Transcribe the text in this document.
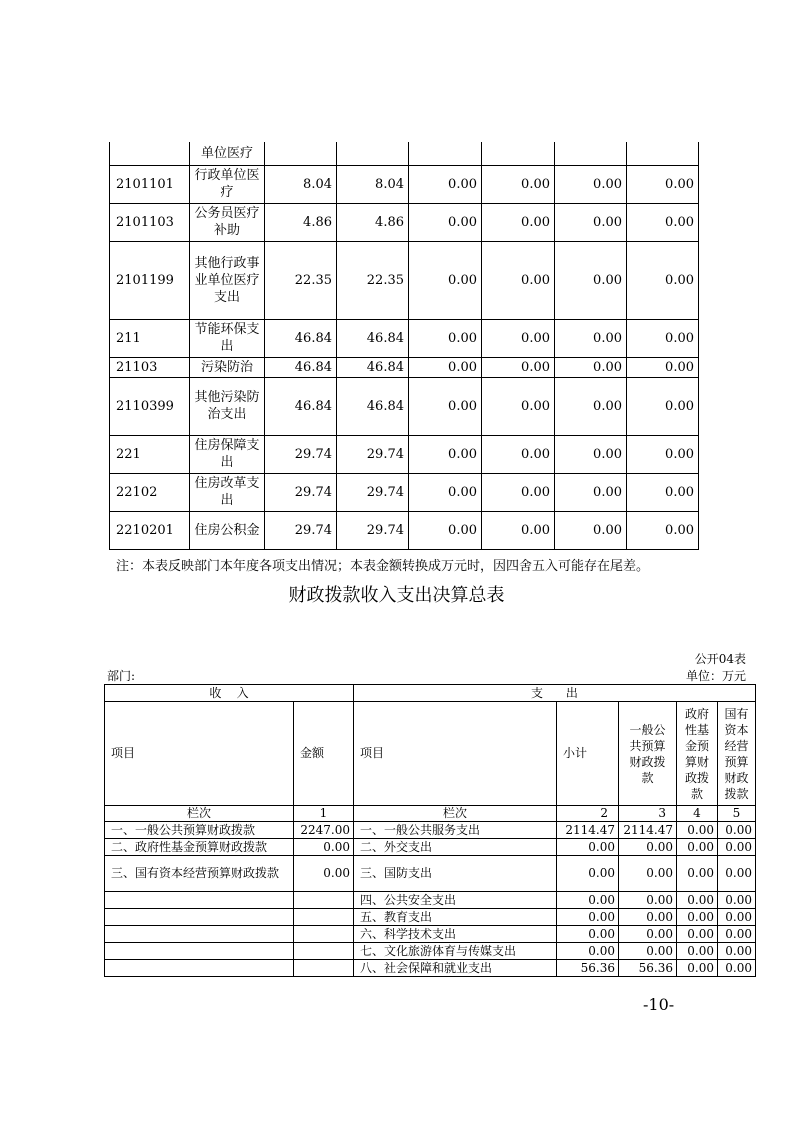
	单位医疗						
2101101	行政单位医疗	8.04	8.04	0.00	0.00	0.00	0.00
2101103	公务员医疗补助	4.86	4.86	0.00	0.00	0.00	0.00
2101199	其他行政事业单位医疗支出	22.35	22.35	0.00	0.00	0.00	0.00
211	节能环保支出	46.84	46.84	0.00	0.00	0.00	0.00
21103	污染防治	46.84	46.84	0.00	0.00	0.00	0.00
2110399	其他污染防治支出	46.84	46.84	0.00	0.00	0.00	0.00
221	住房保障支出	29.74	29.74	0.00	0.00	0.00	0.00
22102	住房改革支出	29.74	29.74	0.00	0.00	0.00	0.00
2210201	住房公积金	29.74	29.74	0.00	0.00	0.00	0.00
注：本表反映部门本年度各项支出情况；本表金额转换成万元时，因四舍五入可能存在尾差。
财政拨款收入支出决算总表
公开04表
部门:	单位：万元
收    入		支      出				
项目	金额	项目	小计	一般公共预算财政拨款	政府性基金预算财政拨款	国有资本经营预算财政拨款
栏次	1	栏次	2	3	4	5
一、一般公共预算财政拨款	2247.00	一、一般公共服务支出	2114.47	2114.47	0.00	0.00
二、政府性基金预算财政拨款	0.00	二、外交支出	0.00	0.00	0.00	0.00
三、国有资本经营预算财政拨款	0.00	三、国防支出	0.00	0.00	0.00	0.00
		四、公共安全支出	0.00	0.00	0.00	0.00
		五、教育支出	0.00	0.00	0.00	0.00
		六、科学技术支出	0.00	0.00	0.00	0.00
		七、文化旅游体育与传媒支出	0.00	0.00	0.00	0.00
		八、社会保障和就业支出	56.36	56.36	0.00	0.00
-10-
